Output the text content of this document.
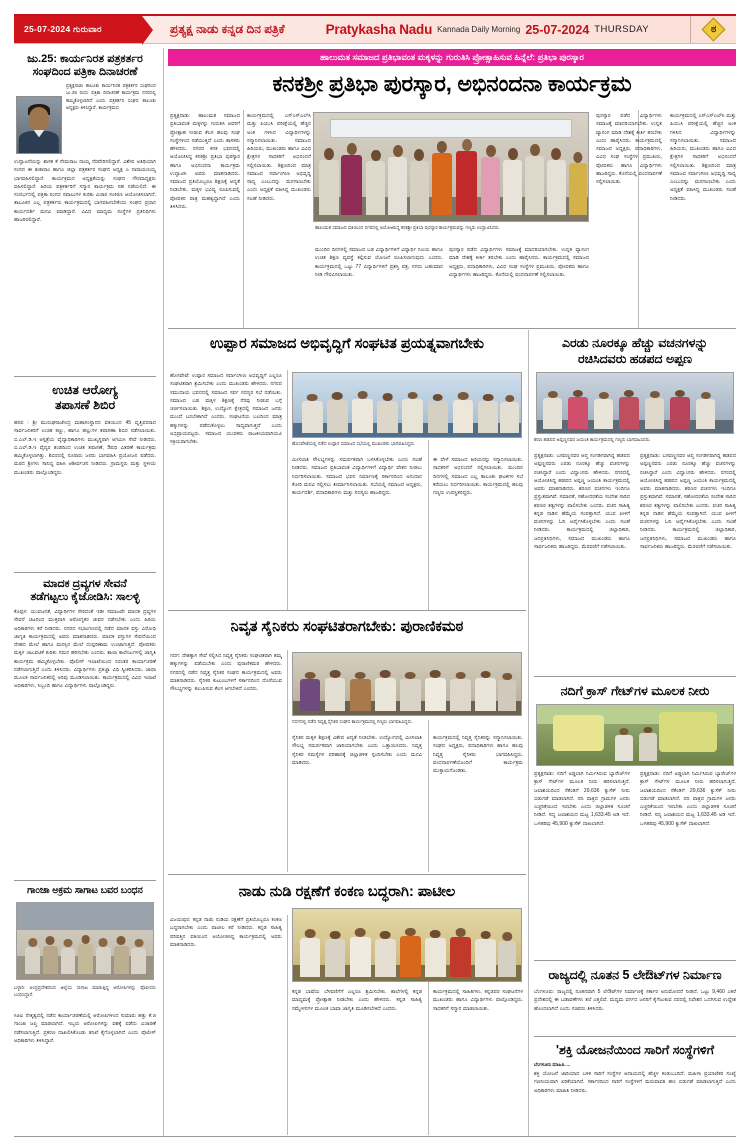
25-07-2024 ಗುರುವಾರ	ಪ್ರತ್ಯಕ್ಷ ನಾಡು ಕನ್ನಡ ದಿನ ಪತ್ರಿಕೆ	Pratykasha Nadu Kannada Daily Morning 25-07-2024 THURSDAY	ಠ
ಹಾಲುಮತ ಸಮಾಜದ ಪ್ರತಿಭಾವಂತ ಮಕ್ಕಳನ್ನು ಗುರುತಿಸಿ ಪ್ರೋತ್ಸಾಹಿಸುವ ಹಿನ್ನೆಲೆ: ಪ್ರತಿಭಾ ಪುರಸ್ಕಾರ
ಜು.25: ಕಾರ್ಯನಿರತ ಪತ್ರಕರ್ತರ
ಸಂಘದಿಂದ ಪತ್ರಿಕಾ ದಿನಾಚರಣೆ
ಪ್ರತ್ಯಕ್ಷನಾಡು ತಾಲೂಕು ಕಾರ್ಯನಿರತ ಪತ್ರಕರ್ತರ ಸಂಘದಿಂದ ಜು.25 ರಂದು ಪತ್ರಿಕಾ ದಿನಾಚರಣೆ ಕಾರ್ಯಕ್ರಮ ನಗರದಲ್ಲಿ ಹಮ್ಮಿಕೊಳ್ಳಲಾಗಿದೆ ಎಂದು ಪತ್ರಕರ್ತರ ಸಂಘದ ತಾಲೂಕು ಅಧ್ಯಕ್ಷರು ತಿಳಿಸಿದ್ದಾರೆ. ಕಾರ್ಯಕ್ರಮದ
ಉದ್ಘಾಟನೆಯನ್ನು ಶಾಸಕ ಕೆ ನೇಮರಾಜ ನಾಯ್ಕ ನೆರವೇರಿಸಲಿದ್ದಾರೆ. ವಿಶೇಷ ಅತಿಥಿಯಾಗಿ ಸಂಸದ ಈ ತುಕಾರಾಂ ಹಾಗೂ ಜಿಲ್ಲಾ ಪತ್ರಕರ್ತರ ಸಂಘದ ಅಧ್ಯಕ್ಷ ಎ ನಾರಾಯಣಯ್ಯ ಭಾಗವಹಿಸಲಿದ್ದಾರೆ. ಕಾರ್ಯಕ್ರಮದ ಅಧ್ಯಕ್ಷತೆಯನ್ನು ಸಂಘದ ಗೌರವಾಧ್ಯಕ್ಷರು ವಹಿಸಲಿದ್ದಾರೆ. ಹಿರಿಯ ಪತ್ರಕರ್ತರಿಗೆ ಸನ್ಮಾನ ಕಾರ್ಯಕ್ರಮ ಸಹ ನಡೆಯಲಿದೆ. ಈ ಸಂದರ್ಭದಲ್ಲಿ ಪತ್ರಿಕಾ ರಂಗದ ಸವಾಲುಗಳ ಕುರಿತು ವಿಚಾರ ಸಂಕಿರಣ ಆಯೋಜಿಸಲಾಗಿದೆ. ತಾಲೂಕಿನ ಎಲ್ಲ ಪತ್ರಕರ್ತರು ಕಾರ್ಯಕ್ರಮದಲ್ಲಿ ಭಾಗವಹಿಸಬೇಕೆಂದು ಸಂಘದ ಪ್ರಧಾನ ಕಾರ್ಯದರ್ಶಿ ಮನವಿ ಮಾಡಿದ್ದಾರೆ. ವಿವಿಧ ಮಾಧ್ಯಮ ಸಂಸ್ಥೆಗಳ ಪ್ರತಿನಿಧಿಗಳು ಹಾಜರಿರಲಿದ್ದಾರೆ.
ಉಚಿತ ಆರೋಗ್ಯ
ತಪಾಸಣೆ ಶಿಬಿರ
ಹರಪ : ಶ್ರೀ ಮುರುಘರಾಜೇಂದ್ರ ಮಹಾಸಂಸ್ಥಾನದ ವತಿಯಿಂದ 45 ವೃತ್ತಿಪರರಾದ ಸಾರ್ವಜನಿಕರಿಗೆ ಉಚಿತ ಕಣ್ಣು, ಹಾಗೂ ಹಲ್ಲುಗಳ ತಪಾಸಣಾ ಶಿಬಿರ ನಡೆಸಲಾಯಿತು. ಬಿ.ಎಲ್.ಡಿ.ಇ ಆಸ್ಪತ್ರೆಯ ವೈದ್ಯಾಧಿಕಾರಿಗಳು ಮುಖ್ಯಸ್ಥರಾಗಿ ಆಗಮಿಸಿ ಸೇವೆ ನೀಡಿದರು. ಬಿ.ಎಲ್.ಡಿ.ಇ ವೈದ್ಯರ ತಂಡದಿಂದ ಉಚಿತ ತಪಾಸಣೆ, ಔಷಧಿ ವಿತರಣೆ ಕಾರ್ಯಕ್ರಮ ಹಮ್ಮಿಕೊಳ್ಳಲಾಗಿತ್ತು. ಶಿಬಿರದಲ್ಲಿ ನೂರಾರು ಜನರು ಭಾಗವಹಿಸಿ ಪ್ರಯೋಜನ ಪಡೆದರು. ಮಠದ ಶ್ರೀಗಳು ಸಾನಿಧ್ಯ ವಹಿಸಿ ಆಶೀರ್ವಚನ ನೀಡಿದರು. ಗ್ರಾಮಸ್ಥರು ಮತ್ತು ಸ್ಥಳೀಯ ಮುಖಂಡರು ಪಾಲ್ಗೊಂಡಿದ್ದರು.
ಮಾದಕ ದ್ರವ್ಯಗಳ ಸೇವನೆ
ತಡೆಗಟ್ಟಲು ಕೈಜೋಡಿಸಿ: ಸಾಲಳ್ಳಿ
ಕೊಪ್ಪಳ: ಯುವಜನತೆ, ವಿದ್ಯಾರ್ಥಿಗಳ ಸೇರಿದಂತೆ ಇಡೀ ಸಮಾಜವೇ ಮಾದಕ ದ್ರವ್ಯಗಳ ಸೇವನೆ ಚಟದಿಂದ ಮುಕ್ತವಾಗಿ ಆರೋಗ್ಯಕರ ಜೀವನ ನಡೆಸಬೇಕು ಎಂದು ಹಿರಿಯ ಅಧಿಕಾರಿಗಳು ಕರೆ ನೀಡಿದರು. ನಗರದ ಸಭಾಂಗಣದಲ್ಲಿ ನಡೆದ ಮಾದಕ ವಸ್ತು ವಿರೋಧಿ ಜಾಗೃತಿ ಕಾರ್ಯಕ್ರಮದಲ್ಲಿ ಅವರು ಮಾತನಾಡಿದರು. ಮಾದಕ ವಸ್ತುಗಳ ಸೇವನೆಯಿಂದ ದೇಹದ ಮೇಲೆ ಹಾಗೂ ಮನಸ್ಸಿನ ಮೇಲೆ ದುಷ್ಪರಿಣಾಮ ಉಂಟಾಗುತ್ತದೆ. ಪೋಷಕರು ಮಕ್ಕಳ ಚಟುವಟಿಕೆ ಕುರಿತು ಗಮನ ಹರಿಸಬೇಕು ಎಂದರು. ಶಾಲಾ ಕಾಲೇಜುಗಳಲ್ಲಿ ಜಾಗೃತಿ ಕಾರ್ಯಕ್ರಮ ಹಮ್ಮಿಕೊಳ್ಳಬೇಕು. ಪೊಲೀಸ್ ಇಲಾಖೆಯಿಂದ ನಿರಂತರ ಕಾರ್ಯಾಚರಣೆ ನಡೆಸಲಾಗುತ್ತಿದೆ ಎಂದು ತಿಳಿಸಿದರು. ವಿದ್ಯಾರ್ಥಿಗಳು ಪ್ರತಿಜ್ಞಾ ವಿಧಿ ಸ್ವೀಕರಿಸಿದರು. ಜಾಥಾ ಮೂಲಕ ಸಾರ್ವಜನಿಕರಲ್ಲಿ ಅರಿವು ಮೂಡಿಸಲಾಯಿತು. ಕಾರ್ಯಕ್ರಮದಲ್ಲಿ ವಿವಿಧ ಇಲಾಖೆ ಅಧಿಕಾರಿಗಳು, ಸಿಬ್ಬಂದಿ ಹಾಗೂ ವಿದ್ಯಾರ್ಥಿಗಳು ಪಾಲ್ಗೊಂಡಿದ್ದರು.
ಗಾಂಜಾ ಅಕ್ರಮ ಸಾಗಾಟ ಬವರ ಬಂಧನ
ಬಳ್ಳಾರಿ: ಆಂಧ್ರಪ್ರದೇಶದಿಂದ ಜಿಲ್ಲೆಯ ಸಾಗಾಟ ಮಾಡುತ್ತಿದ್ದ ಆರೋಪಿಗಳನ್ನು ಪೊಲೀಸರು ಬಂಧಿಸಿದ್ದಾರೆ.
ಸಿಪಿಐ ನೇತೃತ್ವದಲ್ಲಿ ನಡೆದ ಕಾರ್ಯಾಚರಣೆಯಲ್ಲಿ ಆರೋಪಿಗಳಿಂದ ಸುಮಾರು ಹತ್ತು ಕೆ.ಜಿ ಗಾಂಜಾ ಜಪ್ತಿ ಮಾಡಲಾಗಿದೆ. ಇಬ್ಬರು ಆರೋಪಿಗಳನ್ನು ವಶಕ್ಕೆ ಪಡೆದು ವಿಚಾರಣೆ ನಡೆಸಲಾಗುತ್ತಿದೆ. ಪ್ರಕರಣ ದಾಖಲಿಸಿಕೊಂಡು ತನಿಖೆ ಕೈಗೊಳ್ಳಲಾಗಿದೆ ಎಂದು ಪೊಲೀಸ್ ಅಧಿಕಾರಿಗಳು ತಿಳಿಸಿದ್ದಾರೆ.
ಕನಕಶ್ರೀ ಪ್ರತಿಭಾ ಪುರಸ್ಕಾರ, ಅಭಿನಂದನಾ ಕಾರ್ಯಕ್ರಮ
ಪ್ರತ್ಯಕ್ಷನಾಡು: ಹಾಲುಮತ ಸಮಾಜದ ಪ್ರತಿಭಾವಂತ ಮಕ್ಕಳನ್ನು ಗುರುತಿಸಿ ಅವರಿಗೆ ಪ್ರೋತ್ಸಾಹ ನೀಡುವ ಕೆಲಸ ಹಲವು ಸಂಘ ಸಂಸ್ಥೆಗಳಿಂದ ನಡೆಯುತ್ತಿದೆ ಎಂದು ಶಾಸಕರು ಹೇಳಿದರು. ನಗರದ ಕನಕ ಭವನದಲ್ಲಿ ಆಯೋಜಿಸಿದ್ದ ಕನಕಶ್ರೀ ಪ್ರತಿಭಾ ಪುರಸ್ಕಾರ ಹಾಗೂ ಅಭಿನಂದನಾ ಕಾರ್ಯಕ್ರಮ ಉದ್ಘಾಟಿಸಿ ಅವರು ಮಾತನಾಡಿದರು. ಸಮಾಜದ ಪ್ರತಿಯೊಬ್ಬರೂ ಶಿಕ್ಷಣಕ್ಕೆ ಆದ್ಯತೆ ನೀಡಬೇಕು. ಮಕ್ಕಳ ಭವಿಷ್ಯ ರೂಪಿಸುವಲ್ಲಿ ಪೋಷಕರ ಪಾತ್ರ ಮಹತ್ವದ್ದಾಗಿದೆ ಎಂದು ತಿಳಿಸಿದರು.
ಕಾರ್ಯಕ್ರಮದಲ್ಲಿ ಎಸ್ಎಸ್ಎಲ್‌ಸಿ ಮತ್ತು ಪಿಯುಸಿ ಪರೀಕ್ಷೆಯಲ್ಲಿ ಹೆಚ್ಚಿನ ಅಂಕ ಗಳಿಸಿದ ವಿದ್ಯಾರ್ಥಿಗಳನ್ನು ಸನ್ಮಾನಿಸಲಾಯಿತು. ಸಮಾಜದ ಹಿರಿಯರು, ಮುಖಂಡರು ಹಾಗೂ ವಿವಿಧ ಕ್ಷೇತ್ರಗಳ ಸಾಧಕರಿಗೆ ಅಭಿನಂದನೆ ಸಲ್ಲಿಸಲಾಯಿತು. ಶಿಕ್ಷಣದಿಂದ ಮಾತ್ರ ಸಮಾಜದ ಸರ್ವಾಂಗೀಣ ಅಭಿವೃದ್ಧಿ ಸಾಧ್ಯ ಎಂಬುದನ್ನು ಮನಗಾಣಬೇಕು ಎಂದು ಅಧ್ಯಕ್ಷತೆ ವಹಿಸಿದ್ದ ಮುಖಂಡರು ಸಲಹೆ ನೀಡಿದರು.
ಹಾಲುಮತ ಸಮಾಜದ ವತಿಯಿಂದ ನಗರದಲ್ಲಿ ಆಯೋಜಿಸಿದ್ದ ಕನಕಶ್ರೀ ಪ್ರತಿಭಾ ಪುರಸ್ಕಾರ ಕಾರ್ಯಕ್ರಮವನ್ನು ಗಣ್ಯರು ಉದ್ಘಾಟಿಸಿದರು.
ಮುಂದಿನ ದಿನಗಳಲ್ಲಿ ಸಮಾಜದ ಬಡ ವಿದ್ಯಾರ್ಥಿಗಳಿಗೆ ವಿದ್ಯಾರ್ಥಿ ನಿಲಯ ಹಾಗೂ ಉಚಿತ ಶಿಕ್ಷಣ ವ್ಯವಸ್ಥೆ ಕಲ್ಪಿಸುವ ಯೋಜನೆ ರೂಪಿಸಲಾಗುವುದು ಎಂದರು. ಕಾರ್ಯಕ್ರಮದಲ್ಲಿ ಒಟ್ಟು 77 ವಿದ್ಯಾರ್ಥಿಗಳಿಗೆ ಪ್ರಶಸ್ತಿ ಪತ್ರ, ನಗದು ಬಹುಮಾನ ನೀಡಿ ಗೌರವಿಸಲಾಯಿತು.
ಪುರಸ್ಕಾರ ಪಡೆದ ವಿದ್ಯಾರ್ಥಿಗಳು ಸಮಾಜಕ್ಕೆ ಮಾದರಿಯಾಗಬೇಕು. ಉನ್ನತ ವ್ಯಾಸಂಗ ಮಾಡಿ ದೇಶಕ್ಕೆ ಕೀರ್ತಿ ತರಬೇಕು ಎಂದು ಹಾರೈಸಿದರು. ಕಾರ್ಯಕ್ರಮದಲ್ಲಿ ಸಮಾಜದ ಅಧ್ಯಕ್ಷರು, ಪದಾಧಿಕಾರಿಗಳು, ವಿವಿಧ ಸಂಘ ಸಂಸ್ಥೆಗಳ ಪ್ರಮುಖರು, ಪೋಷಕರು ಹಾಗೂ ವಿದ್ಯಾರ್ಥಿಗಳು ಹಾಜರಿದ್ದರು. ಕೊನೆಯಲ್ಲಿ ವಂದನಾರ್ಪಣೆ ಸಲ್ಲಿಸಲಾಯಿತು.
ಪುರಸ್ಕಾರ ಪಡೆದ ವಿದ್ಯಾರ್ಥಿಗಳು ಸಮಾಜಕ್ಕೆ ಮಾದರಿಯಾಗಬೇಕು. ಉನ್ನತ ವ್ಯಾಸಂಗ ಮಾಡಿ ದೇಶಕ್ಕೆ ಕೀರ್ತಿ ತರಬೇಕು ಎಂದು ಹಾರೈಸಿದರು. ಕಾರ್ಯಕ್ರಮದಲ್ಲಿ ಸಮಾಜದ ಅಧ್ಯಕ್ಷರು, ಪದಾಧಿಕಾರಿಗಳು, ವಿವಿಧ ಸಂಘ ಸಂಸ್ಥೆಗಳ ಪ್ರಮುಖರು, ಪೋಷಕರು ಹಾಗೂ ವಿದ್ಯಾರ್ಥಿಗಳು ಹಾಜರಿದ್ದರು. ಕೊನೆಯಲ್ಲಿ ವಂದನಾರ್ಪಣೆ ಸಲ್ಲಿಸಲಾಯಿತು.
ಕಾರ್ಯಕ್ರಮದಲ್ಲಿ ಎಸ್ಎಸ್ಎಲ್‌ಸಿ ಮತ್ತು ಪಿಯುಸಿ ಪರೀಕ್ಷೆಯಲ್ಲಿ ಹೆಚ್ಚಿನ ಅಂಕ ಗಳಿಸಿದ ವಿದ್ಯಾರ್ಥಿಗಳನ್ನು ಸನ್ಮಾನಿಸಲಾಯಿತು. ಸಮಾಜದ ಹಿರಿಯರು, ಮುಖಂಡರು ಹಾಗೂ ವಿವಿಧ ಕ್ಷೇತ್ರಗಳ ಸಾಧಕರಿಗೆ ಅಭಿನಂದನೆ ಸಲ್ಲಿಸಲಾಯಿತು. ಶಿಕ್ಷಣದಿಂದ ಮಾತ್ರ ಸಮಾಜದ ಸರ್ವಾಂಗೀಣ ಅಭಿವೃದ್ಧಿ ಸಾಧ್ಯ ಎಂಬುದನ್ನು ಮನಗಾಣಬೇಕು ಎಂದು ಅಧ್ಯಕ್ಷತೆ ವಹಿಸಿದ್ದ ಮುಖಂಡರು ಸಲಹೆ ನೀಡಿದರು.
ಉಪ್ಪಾರ ಸಮಾಜದ ಅಭಿವೃದ್ಧಿಗೆ ಸಂಘಟಿತ ಪ್ರಯತ್ನವಾಗಬೇಕು
ಹೊಸಪೇಟೆ: ಉಪ್ಪಾರ ಸಮಾಜದ ಸರ್ವಾಂಗೀಣ ಅಭಿವೃದ್ಧಿಗೆ ಎಲ್ಲರೂ ಸಂಘಟಿತರಾಗಿ ಶ್ರಮಿಸಬೇಕು ಎಂದು ಮುಖಂಡರು ಹೇಳಿದರು. ನಗರದ ಸಮುದಾಯ ಭವನದಲ್ಲಿ ಸಮಾಜದ ಸರ್ವ ಸದಸ್ಯರ ಸಭೆ ನಡೆಯಿತು. ಸಮಾಜದ ಬಡ ಮಕ್ಕಳ ಶಿಕ್ಷಣಕ್ಕೆ ನೆರವು ನೀಡುವ ಬಗ್ಗೆ ಚರ್ಚಿಸಲಾಯಿತು. ಶಿಕ್ಷಣ, ಉದ್ಯೋಗ ಕ್ಷೇತ್ರದಲ್ಲಿ ಸಮಾಜದ ಜನರು ಮುಂದೆ ಬರಬೇಕಾಗಿದೆ ಎಂದರು. ಸಂಘಟನೆಯ ಬಲದಿಂದ ಮಾತ್ರ ಹಕ್ಕುಗಳನ್ನು ಪಡೆದುಕೊಳ್ಳಲು ಸಾಧ್ಯವಾಗುತ್ತದೆ ಎಂದು ಅಭಿಪ್ರಾಯಪಟ್ಟರು. ಸಮಾಜದ ಯುವಕರು ರಾಜಕೀಯವಾಗಿಯೂ ಸಕ್ರಿಯರಾಗಬೇಕು.	ಹೊಸಪೇಟೆಯಲ್ಲಿ ನಡೆದ ಉಪ್ಪಾರ ಸಮಾಜದ ಸಭೆಯಲ್ಲಿ ಮುಖಂಡರು ಭಾಗವಹಿಸಿದ್ದರು.
ಮೀಸಲಾತಿ ಸೌಲಭ್ಯಗಳನ್ನು ಸಮರ್ಪಕವಾಗಿ ಬಳಸಿಕೊಳ್ಳಬೇಕು ಎಂದು ಸಲಹೆ ನೀಡಿದರು. ಸಮಾಜದ ಪ್ರತಿಭಾವಂತ ವಿದ್ಯಾರ್ಥಿಗಳಿಗೆ ವಿದ್ಯಾರ್ಥಿ ವೇತನ ನೀಡಲು ನಿರ್ಧರಿಸಲಾಯಿತು. ಸಮಾಜದ ಭವನ ನಿರ್ಮಾಣಕ್ಕೆ ಸರ್ಕಾರದಿಂದ ಅನುದಾನ ಕೋರಿ ಮನವಿ ಸಲ್ಲಿಸಲು ತೀರ್ಮಾನಿಸಲಾಯಿತು. ಸಭೆಯಲ್ಲಿ ಸಮಾಜದ ಅಧ್ಯಕ್ಷರು, ಕಾರ್ಯದರ್ಶಿ, ಪದಾಧಿಕಾರಿಗಳು ಮತ್ತು ಸದಸ್ಯರು ಹಾಜರಿದ್ದರು.
ಈ ವೇಳೆ ಸಮಾಜದ ಹಿರಿಯರನ್ನು ಸನ್ಮಾನಿಸಲಾಯಿತು. ಸಾಧಕರಿಗೆ ಅಭಿನಂದನೆ ಸಲ್ಲಿಸಲಾಯಿತು. ಮುಂದಿನ ದಿನಗಳಲ್ಲಿ ಸಮಾಜದ ಎಲ್ಲ ತಾಲೂಕು ಘಟಕಗಳ ಸಭೆ ಕರೆಯಲು ನಿರ್ಧರಿಸಲಾಯಿತು. ಕಾರ್ಯಕ್ರಮದಲ್ಲಿ ಹಲವು ಗಣ್ಯರು ಉಪಸ್ಥಿತರಿದ್ದರು.
ನಿವೃತ ಸೈನಿಕರು ಸಂಘಟಿತರಾಗಬೇಕು: ಪುರಾಣಿಕಮಠ
ಗದಗ: ದೇಶಕ್ಕಾಗಿ ಸೇವೆ ಸಲ್ಲಿಸಿದ ನಿವೃತ್ತ ಸೈನಿಕರು ಸಂಘಟಿತರಾಗಿ ತಮ್ಮ ಹಕ್ಕುಗಳನ್ನು ಪಡೆಯಬೇಕು ಎಂದು ಪುರಾಣಿಕಮಠ ಹೇಳಿದರು. ನಗರದಲ್ಲಿ ನಡೆದ ನಿವೃತ್ತ ಸೈನಿಕರ ಸಂಘದ ಕಾರ್ಯಕ್ರಮದಲ್ಲಿ ಅವರು ಮಾತನಾಡಿದರು. ಸೈನಿಕರ ಕುಟುಂಬಗಳಿಗೆ ಸರ್ಕಾರದಿಂದ ದೊರೆಯುವ ಸೌಲಭ್ಯಗಳನ್ನು ತಲುಪಿಸುವ ಕೆಲಸ ಆಗಬೇಕಿದೆ ಎಂದರು.
ಗದಗದಲ್ಲಿ ನಡೆದ ನಿವೃತ್ತ ಸೈನಿಕರ ಸಂಘದ ಕಾರ್ಯಕ್ರಮದಲ್ಲಿ ಗಣ್ಯರು ಭಾಗವಹಿಸಿದ್ದರು.
ಸೈನಿಕರ ಮಕ್ಕಳ ಶಿಕ್ಷಣಕ್ಕೆ ವಿಶೇಷ ಆದ್ಯತೆ ನೀಡಬೇಕು. ಉದ್ಯೋಗದಲ್ಲಿ ಮೀಸಲಾತಿ ಸೌಲಭ್ಯ ಸಮರ್ಪಕವಾಗಿ ಜಾರಿಯಾಗಬೇಕು ಎಂದು ಒತ್ತಾಯಿಸಿದರು. ನಿವೃತ್ತ ಸೈನಿಕರ ಸಮಸ್ಯೆಗಳ ಪರಿಹಾರಕ್ಕೆ ಜಿಲ್ಲಾಡಳಿತ ಸ್ಪಂದಿಸಬೇಕು ಎಂದು ಮನವಿ ಮಾಡಿದರು.
ಕಾರ್ಯಕ್ರಮದಲ್ಲಿ ನಿವೃತ್ತ ಸೈನಿಕರನ್ನು ಸನ್ಮಾನಿಸಲಾಯಿತು. ಸಂಘದ ಅಧ್ಯಕ್ಷರು, ಪದಾಧಿಕಾರಿಗಳು ಹಾಗೂ ಹಲವು ನಿವೃತ್ತ ಸೈನಿಕರು ಭಾಗವಹಿಸಿದ್ದರು. ವಂದನಾರ್ಪಣೆಯೊಂದಿಗೆ ಕಾರ್ಯಕ್ರಮ ಮುಕ್ತಾಯಗೊಂಡಿತು.
ನಾಡು ನುಡಿ ರಕ್ಷಣೆಗೆ ಕಂಕಣ ಬದ್ಧರಾಗಿ: ಪಾಟೀಲ
ವಿಜಯಪುರ: ಕನ್ನಡ ನಾಡು ನುಡಿಯ ರಕ್ಷಣೆಗೆ ಪ್ರತಿಯೊಬ್ಬರೂ ಕಂಕಣ ಬದ್ಧರಾಗಬೇಕು ಎಂದು ಪಾಟೀಲ ಕರೆ ನೀಡಿದರು. ಕನ್ನಡ ಸಾಹಿತ್ಯ ಪರಿಷತ್ತಿನ ವತಿಯಿಂದ ಆಯೋಜಿಸಿದ್ದ ಕಾರ್ಯಕ್ರಮದಲ್ಲಿ ಅವರು ಮಾತನಾಡಿದರು.
ಕನ್ನಡ ಭಾಷೆಯ ಬೆಳವಣಿಗೆಗೆ ಎಲ್ಲರೂ ಶ್ರಮಿಸಬೇಕು. ಶಾಲೆಗಳಲ್ಲಿ ಕನ್ನಡ ಮಾಧ್ಯಮಕ್ಕೆ ಪ್ರೋತ್ಸಾಹ ನೀಡಬೇಕು ಎಂದು ಹೇಳಿದರು. ಕನ್ನಡ ಸಾಹಿತ್ಯ ಸಮ್ಮೇಳನಗಳ ಮೂಲಕ ಭಾಷಾ ಜಾಗೃತಿ ಮೂಡಿಸಬೇಕಿದೆ ಎಂದರು.
ಕಾರ್ಯಕ್ರಮದಲ್ಲಿ ಸಾಹಿತಿಗಳು, ಕನ್ನಡಪರ ಸಂಘಟನೆಗಳ ಮುಖಂಡರು ಹಾಗೂ ವಿದ್ಯಾರ್ಥಿಗಳು ಪಾಲ್ಗೊಂಡಿದ್ದರು. ಸಾಧಕರಿಗೆ ಸನ್ಮಾನ ಮಾಡಲಾಯಿತು.
ಎರಡು ನೂರಕ್ಕೂ ಹೆಚ್ಚು ವಚನಗಳನ್ನು
ರಚಿಸಿದವರು ಹಡಪದ ಅಪ್ಪಣ
ಶರಣ ಹಡಪದ ಅಪ್ಪಣ್ಣನವರ ಜಯಂತಿ ಕಾರ್ಯಕ್ರಮದಲ್ಲಿ ಗಣ್ಯರು ಭಾಗವಹಿಸಿದರು.
ಪ್ರತ್ಯಕ್ಷನಾಡು: ಬಸವಣ್ಣನವರ ಆಪ್ತ ಸಂಗಡಿಗರಾಗಿದ್ದ ಹಡಪದ ಅಪ್ಪಣ್ಣನವರು ಎರಡು ನೂರಕ್ಕೂ ಹೆಚ್ಚು ವಚನಗಳನ್ನು ರಚಿಸಿದ್ದಾರೆ ಎಂದು ವಿದ್ವಾಂಸರು ಹೇಳಿದರು. ನಗರದಲ್ಲಿ ಆಯೋಜಿಸಿದ್ದ ಹಡಪದ ಅಪ್ಪಣ್ಣ ಜಯಂತಿ ಕಾರ್ಯಕ್ರಮದಲ್ಲಿ ಅವರು ಮಾತನಾಡಿದರು. ಶರಣರ ವಚನಗಳು ಇಂದಿಗೂ ಪ್ರಸ್ತುತವಾಗಿವೆ. ಸಮಾನತೆ, ಸಹೋದರತೆಯ ಸಂದೇಶ ಸಾರಿದ ಶರಣರ ತತ್ವಗಳನ್ನು ಪಾಲಿಸಬೇಕು ಎಂದರು. ವಚನ ಸಾಹಿತ್ಯ ಕನ್ನಡ ನಾಡಿನ ಹೆಮ್ಮೆಯ ಸಂಪತ್ತಾಗಿದೆ. ಯುವ ಪೀಳಿಗೆ ವಚನಗಳನ್ನು ಓದಿ ಅರ್ಥೈಸಿಕೊಳ್ಳಬೇಕು ಎಂದು ಸಲಹೆ ನೀಡಿದರು. ಕಾರ್ಯಕ್ರಮದಲ್ಲಿ ಜಿಲ್ಲಾಧಿಕಾರಿ, ಜನಪ್ರತಿನಿಧಿಗಳು, ಸಮಾಜದ ಮುಖಂಡರು ಹಾಗೂ ಸಾರ್ವಜನಿಕರು ಹಾಜರಿದ್ದರು. ಮೆರವಣಿಗೆ ನಡೆಸಲಾಯಿತು.
ಪ್ರತ್ಯಕ್ಷನಾಡು: ಬಸವಣ್ಣನವರ ಆಪ್ತ ಸಂಗಡಿಗರಾಗಿದ್ದ ಹಡಪದ ಅಪ್ಪಣ್ಣನವರು ಎರಡು ನೂರಕ್ಕೂ ಹೆಚ್ಚು ವಚನಗಳನ್ನು ರಚಿಸಿದ್ದಾರೆ ಎಂದು ವಿದ್ವಾಂಸರು ಹೇಳಿದರು. ನಗರದಲ್ಲಿ ಆಯೋಜಿಸಿದ್ದ ಹಡಪದ ಅಪ್ಪಣ್ಣ ಜಯಂತಿ ಕಾರ್ಯಕ್ರಮದಲ್ಲಿ ಅವರು ಮಾತನಾಡಿದರು. ಶರಣರ ವಚನಗಳು ಇಂದಿಗೂ ಪ್ರಸ್ತುತವಾಗಿವೆ. ಸಮಾನತೆ, ಸಹೋದರತೆಯ ಸಂದೇಶ ಸಾರಿದ ಶರಣರ ತತ್ವಗಳನ್ನು ಪಾಲಿಸಬೇಕು ಎಂದರು. ವಚನ ಸಾಹಿತ್ಯ ಕನ್ನಡ ನಾಡಿನ ಹೆಮ್ಮೆಯ ಸಂಪತ್ತಾಗಿದೆ. ಯುವ ಪೀಳಿಗೆ ವಚನಗಳನ್ನು ಓದಿ ಅರ್ಥೈಸಿಕೊಳ್ಳಬೇಕು ಎಂದು ಸಲಹೆ ನೀಡಿದರು. ಕಾರ್ಯಕ್ರಮದಲ್ಲಿ ಜಿಲ್ಲಾಧಿಕಾರಿ, ಜನಪ್ರತಿನಿಧಿಗಳು, ಸಮಾಜದ ಮುಖಂಡರು ಹಾಗೂ ಸಾರ್ವಜನಿಕರು ಹಾಜರಿದ್ದರು. ಮೆರವಣಿಗೆ ನಡೆಸಲಾಯಿತು.
ನದಿಗೆ ಕ್ರಾಸ್ ಗೇಟ್‌ಗಳ ಮೂಲಕ ನೀರು
ಪ್ರತ್ಯಕ್ಷನಾಡು: ನದಿಗೆ ಅಡ್ಡಲಾಗಿ ನಿರ್ಮಿಸಿರುವ ಬ್ಯಾರೇಜ್‌ಗಳ ಕ್ರಾಸ್ ಗೇಟ್‌ಗಳ ಮೂಲಕ ನೀರು ಹರಿಸಲಾಗುತ್ತಿದೆ. ಜಲಾಶಯದಿಂದ ಸೆಕೆಂಡಿಗೆ 29,636 ಕ್ಯುಸೆಕ್ ನೀರು ಬಿಡುಗಡೆ ಮಾಡಲಾಗಿದೆ. ನದಿ ಪಾತ್ರದ ಗ್ರಾಮಗಳ ಜನರು ಎಚ್ಚರಿಕೆಯಿಂದ ಇರಬೇಕು ಎಂದು ಜಿಲ್ಲಾಡಳಿತ ಸೂಚನೆ ನೀಡಿದೆ. ಸದ್ಯ ಜಲಾಶಯದ ಮಟ್ಟ 1,633.45 ಅಡಿ ಇದೆ. ಒಳಹರಿವು 45,900 ಕ್ಯುಸೆಕ್ ದಾಖಲಾಗಿದೆ.
ಪ್ರತ್ಯಕ್ಷನಾಡು: ನದಿಗೆ ಅಡ್ಡಲಾಗಿ ನಿರ್ಮಿಸಿರುವ ಬ್ಯಾರೇಜ್‌ಗಳ ಕ್ರಾಸ್ ಗೇಟ್‌ಗಳ ಮೂಲಕ ನೀರು ಹರಿಸಲಾಗುತ್ತಿದೆ. ಜಲಾಶಯದಿಂದ ಸೆಕೆಂಡಿಗೆ 29,636 ಕ್ಯುಸೆಕ್ ನೀರು ಬಿಡುಗಡೆ ಮಾಡಲಾಗಿದೆ. ನದಿ ಪಾತ್ರದ ಗ್ರಾಮಗಳ ಜನರು ಎಚ್ಚರಿಕೆಯಿಂದ ಇರಬೇಕು ಎಂದು ಜಿಲ್ಲಾಡಳಿತ ಸೂಚನೆ ನೀಡಿದೆ. ಸದ್ಯ ಜಲಾಶಯದ ಮಟ್ಟ 1,633.45 ಅಡಿ ಇದೆ. ಒಳಹರಿವು 45,900 ಕ್ಯುಸೆಕ್ ದಾಖಲಾಗಿದೆ.
ರಾಜ್ಯದಲ್ಲಿ ನೂತನ 5 ಲೇಔಟ್‌ಗಳ ನಿರ್ಮಾಣ
ಬೆಂಗಳೂರು: ರಾಜ್ಯದಲ್ಲಿ ನೂತನವಾಗಿ 5 ಲೇಔಟ್‌ಗಳ ನಿರ್ಮಾಣಕ್ಕೆ ಸರ್ಕಾರ ಅನುಮೋದನೆ ನೀಡಿದೆ. ಒಟ್ಟು 9,460 ಎಕರೆ ಪ್ರದೇಶದಲ್ಲಿ ಈ ಬಡಾವಣೆಗಳು ತಲೆ ಎತ್ತಲಿವೆ. ಮಧ್ಯಮ ವರ್ಗದ ಜನರಿಗೆ ಕೈಗೆಟುಕುವ ದರದಲ್ಲಿ ನಿವೇಶನ ಒದಗಿಸುವ ಉದ್ದೇಶ ಹೊಂದಲಾಗಿದೆ ಎಂದು ಸಚಿವರು ತಿಳಿಸಿದರು.
'ಶಕ್ತಿ ಯೋಜನೆಯಿಂದ ಸಾರಿಗೆ ಸಂಸ್ಥೆಗಳಿಗೆ
ಬೆಂಗಳೂರು ಮಾಹಿತಿ.....
ಶಕ್ತಿ ಯೋಜನೆ ಜಾರಿಯಾದ ಬಳಿಕ ಸಾರಿಗೆ ಸಂಸ್ಥೆಗಳ ಆದಾಯದಲ್ಲಿ ಹೆಚ್ಚಳ ಕಂಡುಬಂದಿದೆ. ಮಹಿಳಾ ಪ್ರಯಾಣಿಕರ ಸಂಖ್ಯೆ ಗಣನೀಯವಾಗಿ ಏರಿಕೆಯಾಗಿದೆ. ಸರ್ಕಾರದಿಂದ ಸಾರಿಗೆ ಸಂಸ್ಥೆಗಳಿಗೆ ಮರುಪಾವತಿ ಹಣ ಬಿಡುಗಡೆ ಮಾಡಲಾಗುತ್ತಿದೆ ಎಂದು ಅಧಿಕಾರಿಗಳು ಮಾಹಿತಿ ನೀಡಿದರು.
